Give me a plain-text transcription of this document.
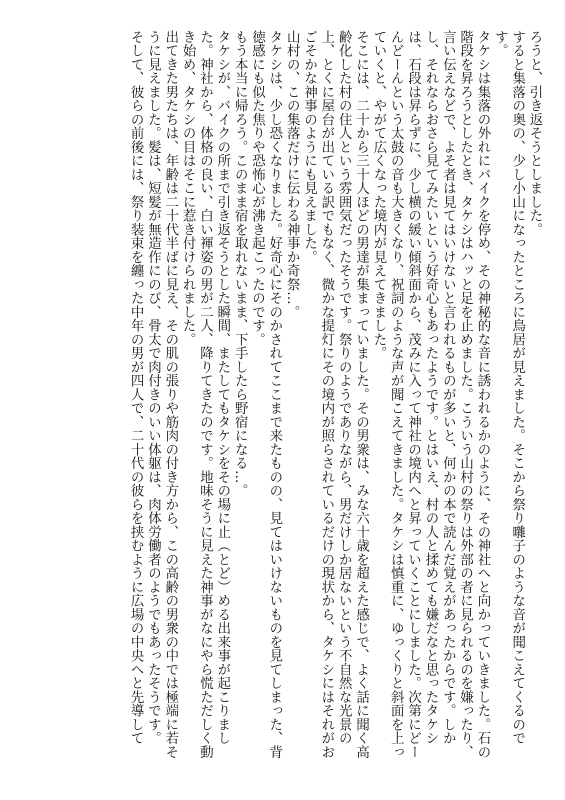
ろうと、引き返そうとしました。

すると集落の奥の、少し小山になったところに鳥居が見えました。そこから祭り囃子のような音が聞こえてくるのです。

タケシは集落の外れにバイクを停め、その神秘的な音に誘われるかのように、その神社へと向かっていきました。石の階段を昇ろうとしたとき、タケシはハッと足を止めました。こういう山村の祭りは外部の者に見られるのを嫌ったり、言い伝えなどで、よそ者は見てはいけないと言われるものが多いと、何かの本で読んだ覚えがあったからです。しかし、それならおさら見てみたいという好奇心もあったようです。とはいえ、村の人と揉めても嫌だなと思ったタケシは、石段は昇らずに、少し横の緩い傾斜面から、茂みに入って神社の境内へと昇っていくことにしました。次第にどーんどーんという太鼓の音も大きくなり、祝詞のような声が聞こえてきました。タケシは慎重に、ゆっくりと斜面を上っていくと、やがて広くなった境内が見えてきました。

そこには、二十から三十人ほどの男達が集まっていました。その男衆は、みな六十歳を超えた感じで、よく話に聞く高齢化した村の住人という雰囲気だったそうです。祭りのようでありながら、男だけしか居ないという不自然な光景の上、とくに屋台が出ている訳でもなく、微かな提灯にその境内が照らされているだけの現状から、タケシにはそれがおごそかな神事のようにも見えました。

山村の、この集落だけに伝わる神事か奇祭…。

タケシは、少し恐くなりました。好奇心にそのかされてここまで来たものの、見てはいけないものを見てしまった、背徳感にも似た焦りや恐怖心が沸き起こったのです。

もう本当に帰ろう。このまま宿を取れないまま、下手したら野宿になる…。

タケシが、バイクの所まで引き返そうとした瞬間、またしてもタケシをその場に止（とど）める出来事が起こりました。神社から、体格の良い、白い褌姿の男が二人、降りてきたのです。地味そうに見えた神事がなにやら慌ただしく動き始め、タケシの目はそこに惹き付けられました。

出てきた男たちは、年齢は二十代半ばに見え、その肌の張りや筋肉の付き方から、この高齢の男衆の中では極端に若そうに見えました。髪は、短髪が無造作にのび、骨太で肉付きのいい体躯は、肉体労働者のようでもあったそうです。

そして、彼らの前後には、祭り装束を纏った中年の男が四人で、二十代の彼らを挟むように広場の中央へと先導して
